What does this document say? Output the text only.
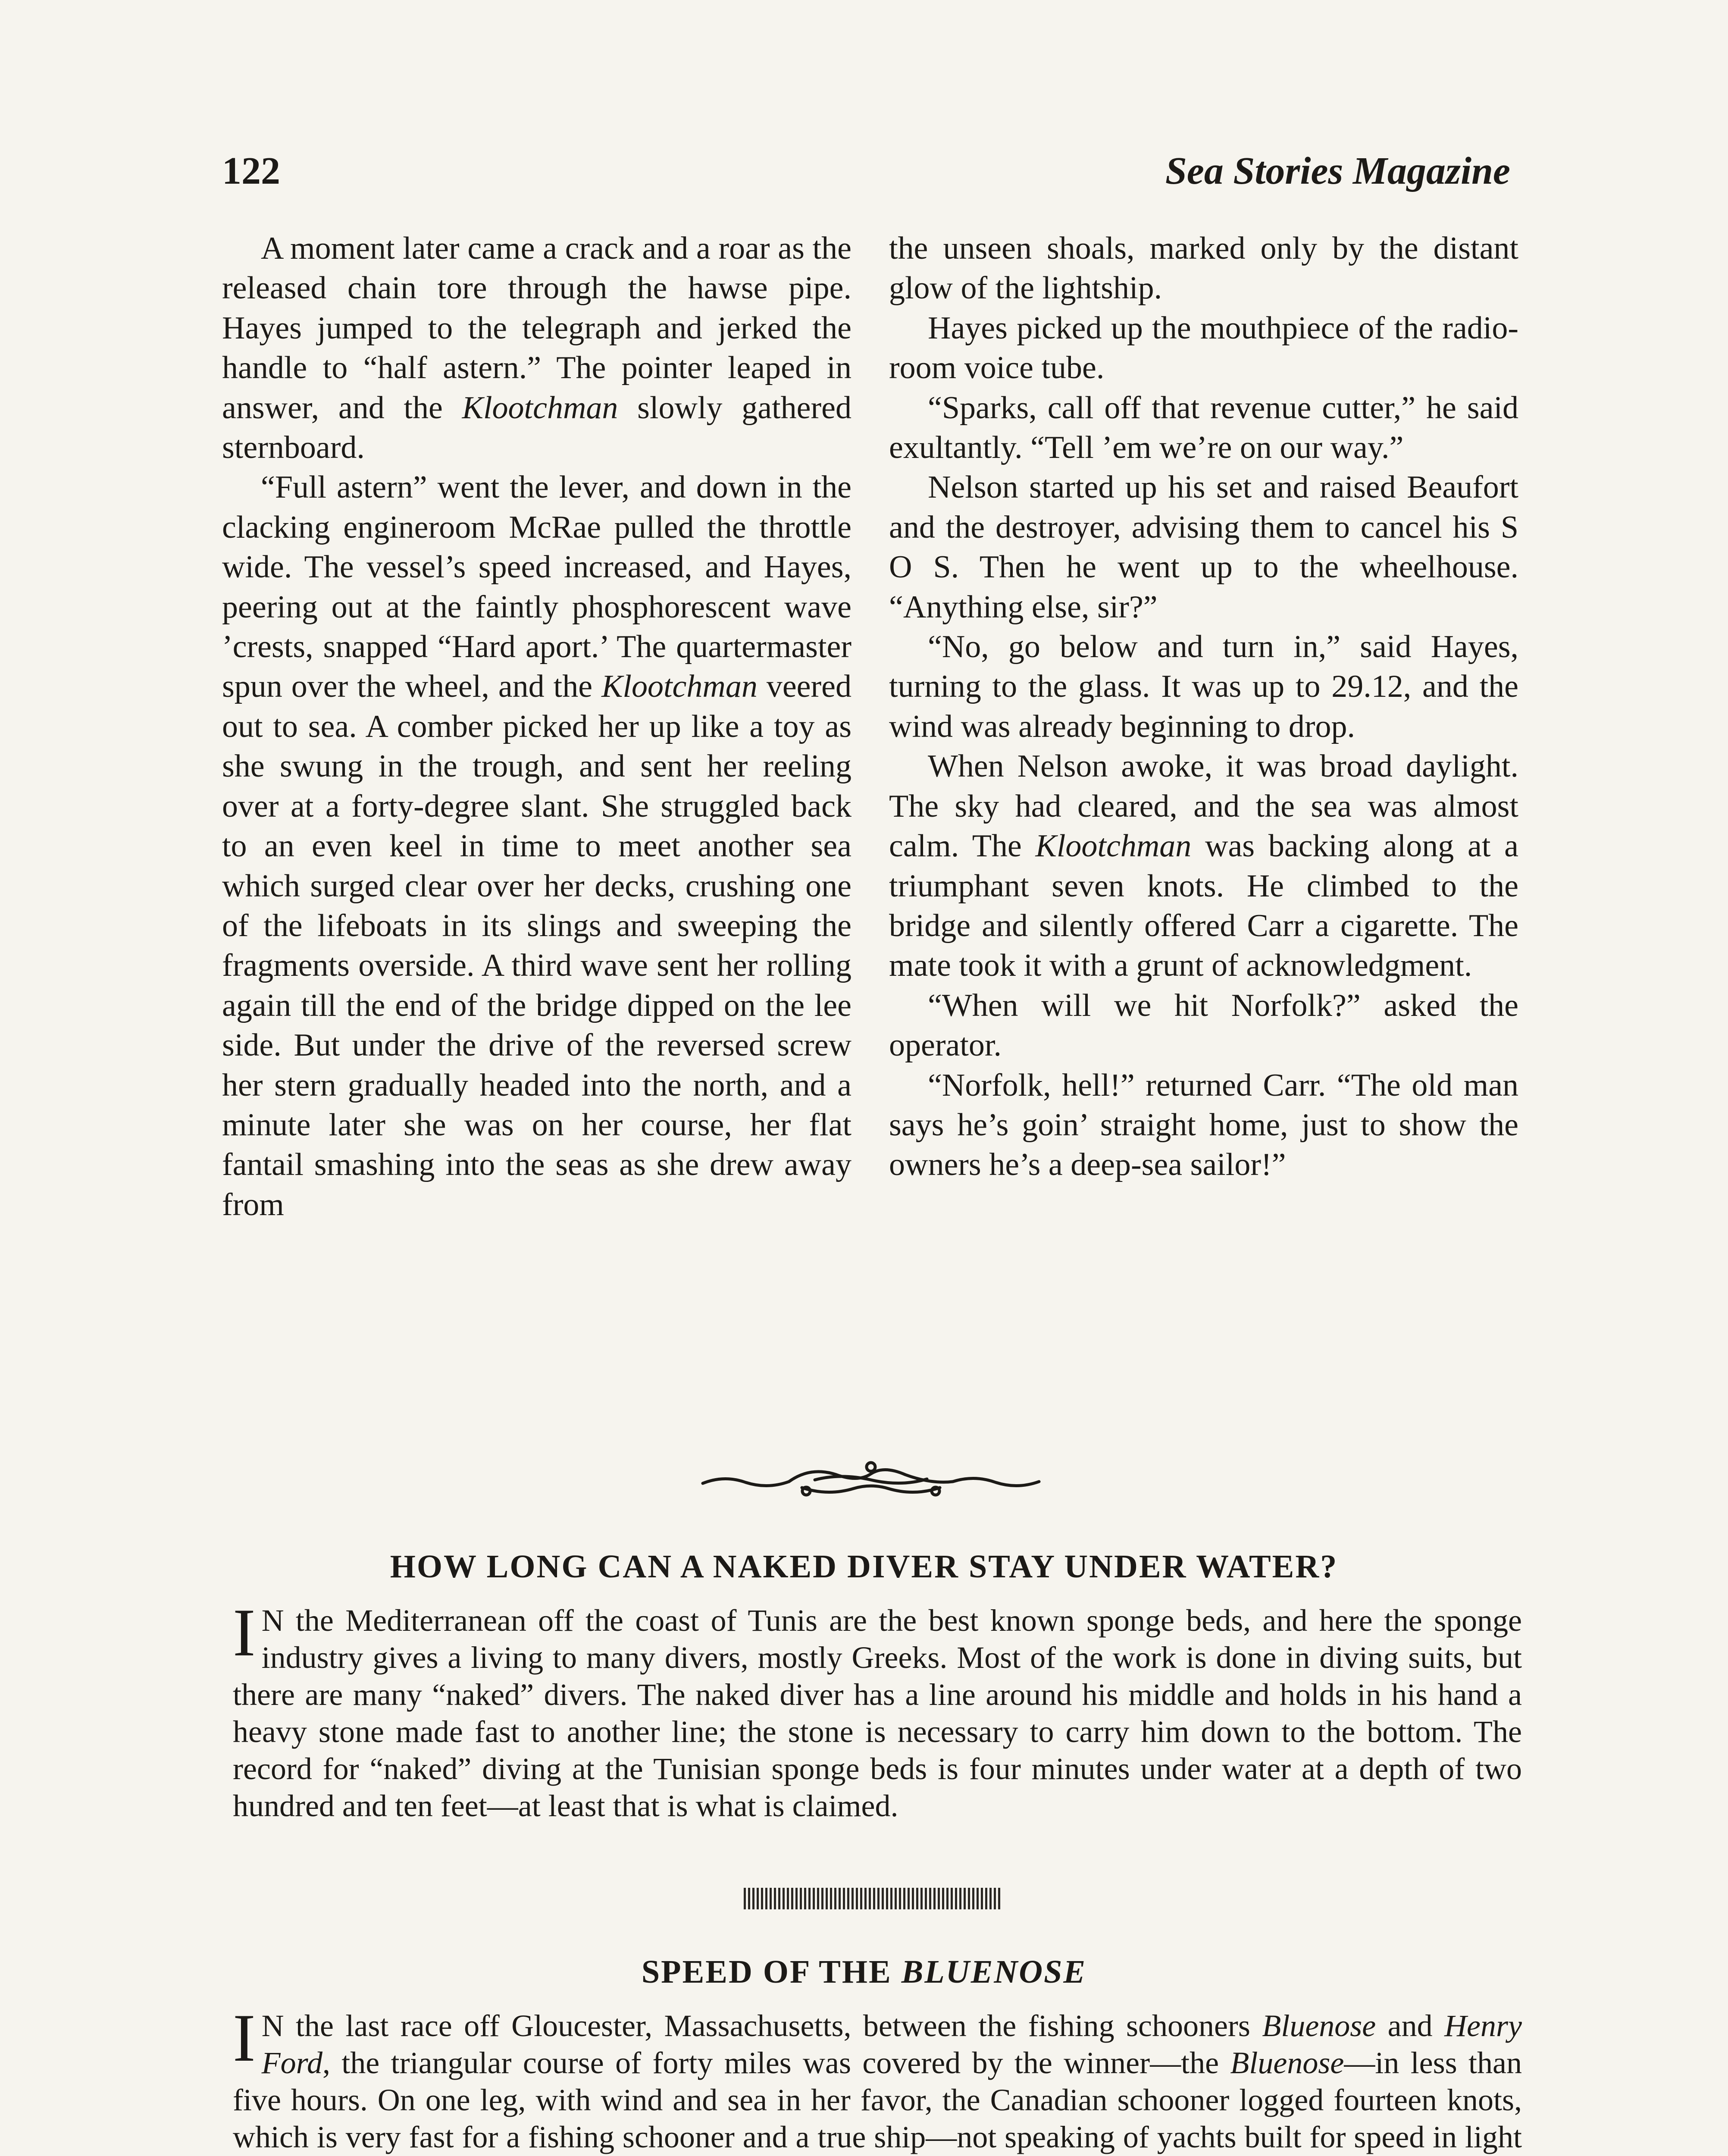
122	Sea Stories Magazine

A moment later came a crack and a roar as the released chain tore through the hawse pipe. Hayes jumped to the telegraph and jerked the handle to “half astern.” The pointer leaped in answer, and the Klootchman slowly gathered sternboard.

“Full astern” went the lever, and down in the clacking engineroom McRae pulled the throttle wide. The vessel’s speed increased, and Hayes, peering out at the faintly phosphorescent wave ’crests, snapped “Hard aport.’ The quartermaster spun over the wheel, and the Klootchman veered out to sea. A comber picked her up like a toy as she swung in the trough, and sent her reeling over at a forty-degree slant. She struggled back to an even keel in time to meet another sea which surged clear over her decks, crushing one of the lifeboats in its slings and sweeping the fragments overside. A third wave sent her rolling again till the end of the bridge dipped on the lee side. But under the drive of the reversed screw her stern gradually headed into the north, and a minute later she was on her course, her flat fantail smashing into the seas as she drew away from

the unseen shoals, marked only by the distant glow of the lightship.

Hayes picked up the mouthpiece of the radio-room voice tube.

“Sparks, call off that revenue cutter,” he said exultantly. “Tell ’em we’re on our way.”

Nelson started up his set and raised Beaufort and the destroyer, advising them to cancel his S O S. Then he went up to the wheelhouse. “Anything else, sir?”

“No, go below and turn in,” said Hayes, turning to the glass. It was up to 29.12, and the wind was already beginning to drop.

When Nelson awoke, it was broad daylight. The sky had cleared, and the sea was almost calm. The Klootchman was backing along at a triumphant seven knots. He climbed to the bridge and silently offered Carr a cigarette. The mate took it with a grunt of acknowledgment.

“When will we hit Norfolk?” asked the operator.

“Norfolk, hell!” returned Carr. “The old man says he’s goin’ straight home, just to show the owners he’s a deep-sea sailor!”

HOW LONG CAN A NAKED DIVER STAY UNDER WATER?

I N the Mediterranean off the coast of Tunis are the best known sponge beds, and here the sponge industry gives a living to many divers, mostly Greeks. Most of the work is done in diving suits, but there are many “naked” divers. The naked diver has a line around his middle and holds in his hand a heavy stone made fast to another line; the stone is necessary to carry him down to the bottom. The record for “naked” diving at the Tunisian sponge beds is four minutes under water at a depth of two hundred and ten feet—at least that is what is claimed.

SPEED OF THE BLUENOSE

I N the last race off Gloucester, Massachusetts, between the fishing schooners Bluenose and Henry Ford, the triangular course of forty miles was covered by the winner—the Bluenose—in less than five hours. On one leg, with wind and sea in her favor, the Canadian schooner logged fourteen knots, which is very fast for a fishing schooner and a true ship—not speaking of yachts built for speed in light
